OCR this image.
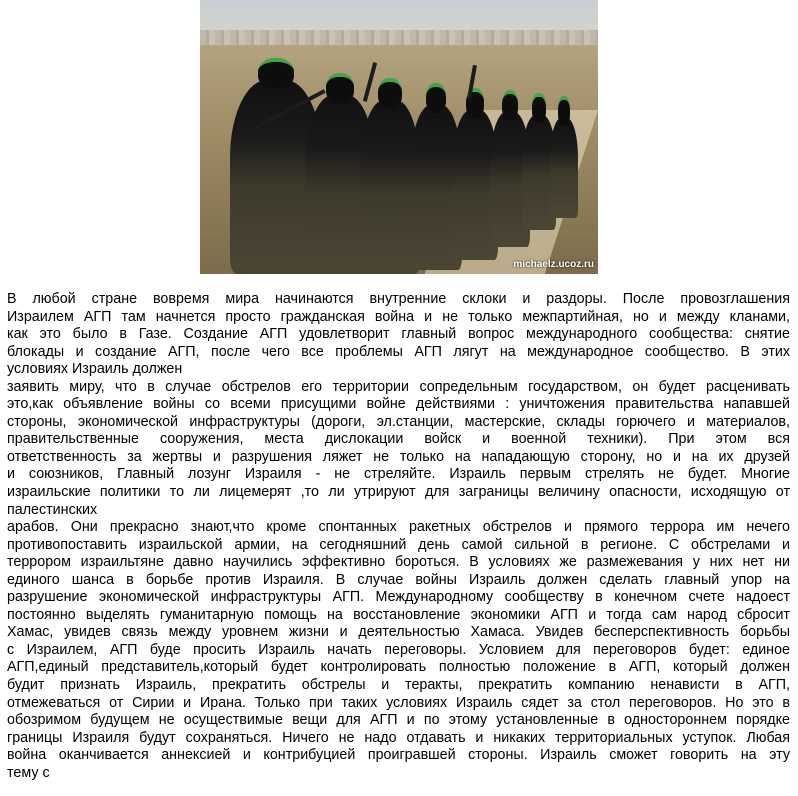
michaelz.ucoz.ru

В любой стране вовремя мира начинаются внутренние склоки и раздоры. После провозглашения

Израилем АГП там начнется просто гражданская война и не только межпартийная, но и между кланами,

как это было в Газе. Создание АГП удовлетворит главный вопрос международного сообщества: снятие

блокады и создание АГП, после чего все проблемы АГП лягут на международное сообщество. В этих

условиях Израиль должен

заявить миру, что в случае обстрелов его территории сопредельным государством, он будет расценивать

это,как объявление войны со всеми присущими войне действиями : уничтожения правительства напавшей

стороны, экономической инфраструктуры (дороги, эл.станции, мастерские, склады горючего и материалов,

правительственные сооружения, места дислокации войск и военной техники). При этом вся

ответственность за жертвы и разрушения ляжет не только на нападающую сторону, но и на их друзей

и союзников, Главный лозунг Израиля - не стреляйте. Израиль первым стрелять не будет. Многие

израильские политики то ли лицемерят ,то ли утрируют для заграницы величину опасности, исходящую от

палестинских

арабов. Они прекрасно знают,что кроме спонтанных ракетных обстрелов и прямого террора им нечего

противопоставить израильской армии, на сегодняшний день самой сильной в регионе. С обстрелами и

террором израильтяне давно научились эффективно бороться. В условиях же размежевания у них нет ни

единого шанса в борьбе против Израиля. В случае войны Израиль должен сделать главный упор на

разрушение экономической инфраструктуры АГП. Международному сообществу в конечном счете надоест

постоянно выделять гуманитарную помощь на восстановление экономики АГП и тогда сам народ сбросит

Хамас, увидев связь между уровнем жизни и деятельностью Хамаса. Увидев бесперспективность борьбы

с Израилем, АГП буде просить Израиль начать переговоры. Условием для переговоров будет: единое

АГП,единый представитель,который будет контролировать полностью положение в АГП, который должен

будит признать Израиль, прекратить обстрелы и теракты, прекратить компанию ненависти в АГП,

отмежеваться от Сирии и Ирана. Только при таких условиях Израиль сядет за стол переговоров. Но это в

обозримом будущем не осуществимые вещи для АГП и по этому установленные в одностороннем порядке

границы Израиля будут сохраняться. Ничего не надо отдавать и никаких территориальных уступок. Любая

война оканчивается аннексией и контрибуцией проигравшей стороны. Израиль сможет говорить на эту

тему с
